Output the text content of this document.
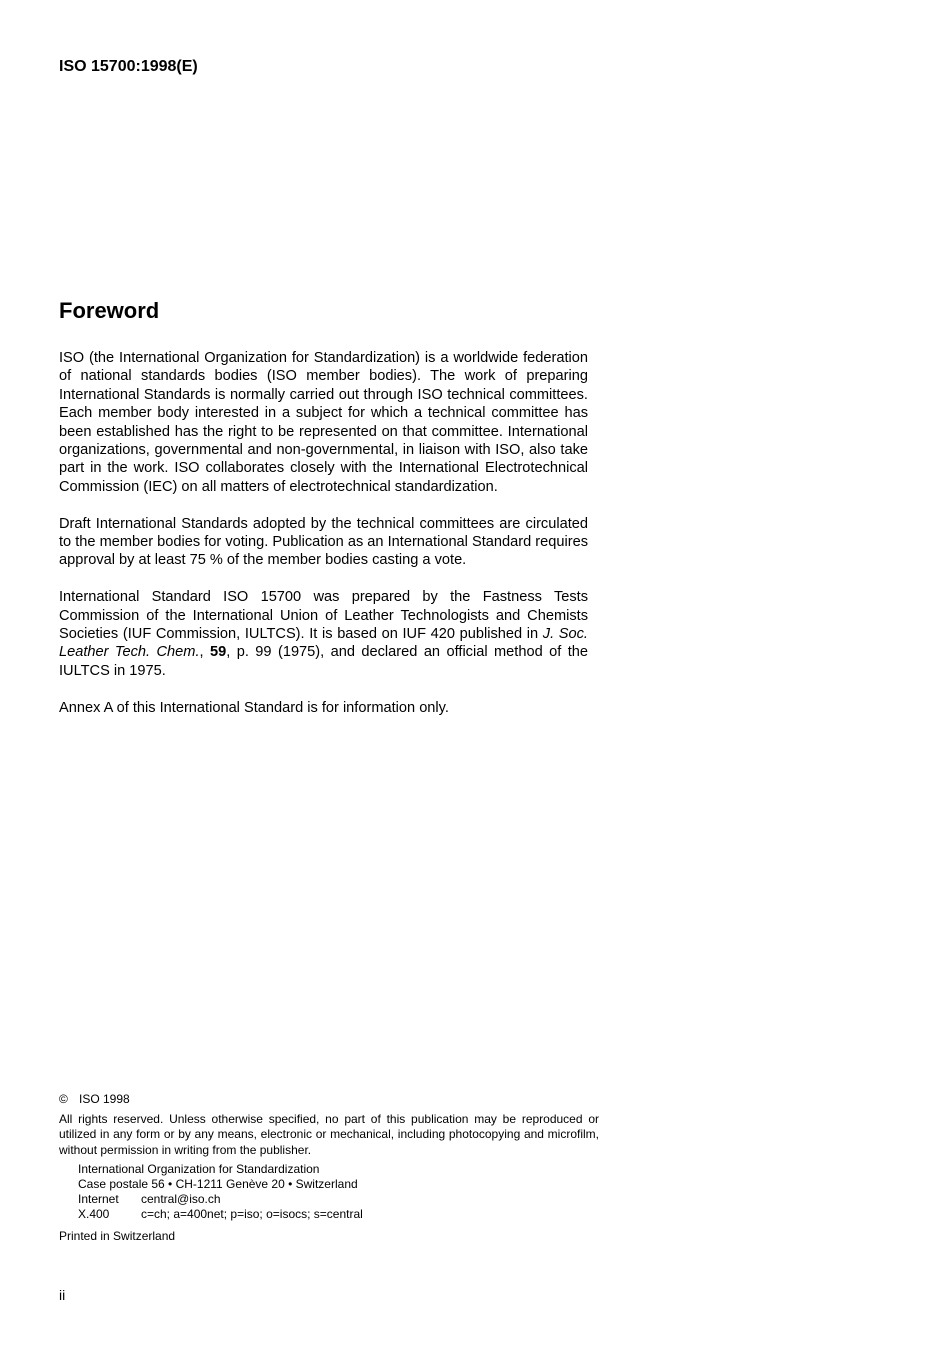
ISO 15700:1998(E)

Foreword

ISO (the International Organization for Standardization) is a worldwide federation of national standards bodies (ISO member bodies). The work of preparing International Standards is normally carried out through ISO technical committees. Each member body interested in a subject for which a technical committee has been established has the right to be represented on that committee. International organizations, governmental and non-governmental, in liaison with ISO, also take part in the work. ISO collaborates closely with the International Electrotechnical Commission (IEC) on all matters of electrotechnical standardization.

Draft International Standards adopted by the technical committees are circulated to the member bodies for voting. Publication as an International Standard requires approval by at least 75 % of the member bodies casting a vote.

International Standard ISO 15700 was prepared by the Fastness Tests Commission of the International Union of Leather Technologists and Chemists Societies (IUF Commission, IULTCS). It is based on IUF 420 published in J. Soc. Leather Tech. Chem., 59, p. 99 (1975), and declared an official method of the IULTCS in 1975.

Annex A of this International Standard is for information only.

© ISO 1998

All rights reserved. Unless otherwise specified, no part of this publication may be reproduced or utilized in any form or by any means, electronic or mechanical, including photocopying and microfilm, without permission in writing from the publisher.

International Organization for Standardization
Case postale 56 • CH-1211 Genève 20 • Switzerland
Internet central@iso.ch
X.400	c=ch; a=400net; p=iso; o=isocs; s=central

Printed in Switzerland

ii
